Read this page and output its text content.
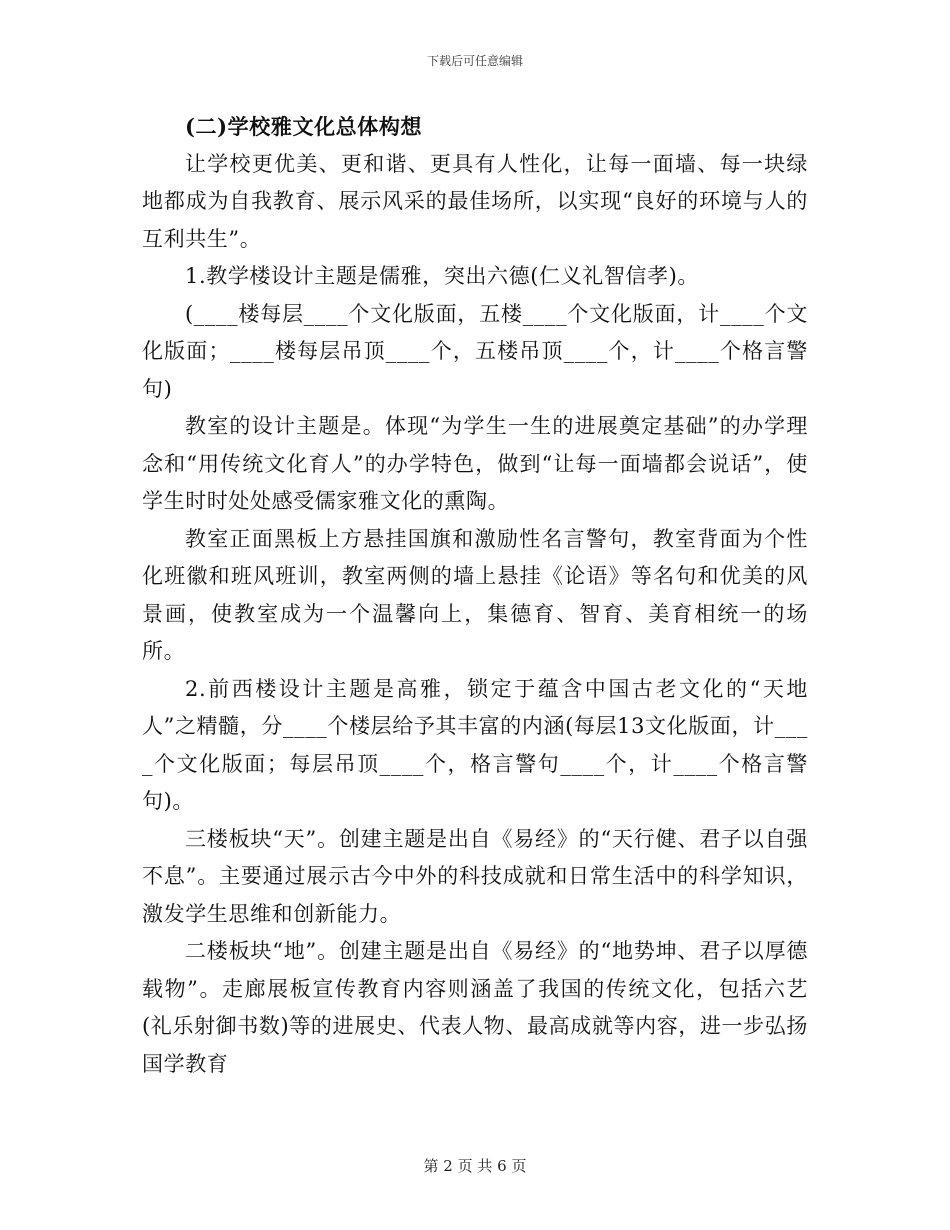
下载后可任意编辑

(二)学校雅文化总体构想

让学校更优美、更和谐、更具有人性化，让每一面墙、每一块绿地都成为自我教育、展示风采的最佳场所，以实现“良好的环境与人的互利共生”。

1.教学楼设计主题是儒雅，突出六德(仁义礼智信孝)。

(____楼每层____个文化版面，五楼____个文化版面，计____个文化版面；____楼每层吊顶____个，五楼吊顶____个，计____个格言警句)

教室的设计主题是。体现“为学生一生的进展奠定基础”的办学理念和“用传统文化育人”的办学特色，做到“让每一面墙都会说话”，使学生时时处处感受儒家雅文化的熏陶。

教室正面黑板上方悬挂国旗和激励性名言警句，教室背面为个性化班徽和班风班训，教室两侧的墙上悬挂《论语》等名句和优美的风景画，使教室成为一个温馨向上，集德育、智育、美育相统一的场所。

2.前西楼设计主题是高雅，锁定于蕴含中国古老文化的“天地人”之精髓，分____个楼层给予其丰富的内涵(每层13文化版面，计____个文化版面；每层吊顶____个，格言警句____个，计____个格言警句)。

三楼板块“天”。创建主题是出自《易经》的“天行健、君子以自强不息”。主要通过展示古今中外的科技成就和日常生活中的科学知识，激发学生思维和创新能力。

二楼板块“地”。创建主题是出自《易经》的“地势坤、君子以厚德载物”。走廊展板宣传教育内容则涵盖了我国的传统文化，包括六艺(礼乐射御书数)等的进展史、代表人物、最高成就等内容，进一步弘扬国学教育

第 2 页 共 6 页
